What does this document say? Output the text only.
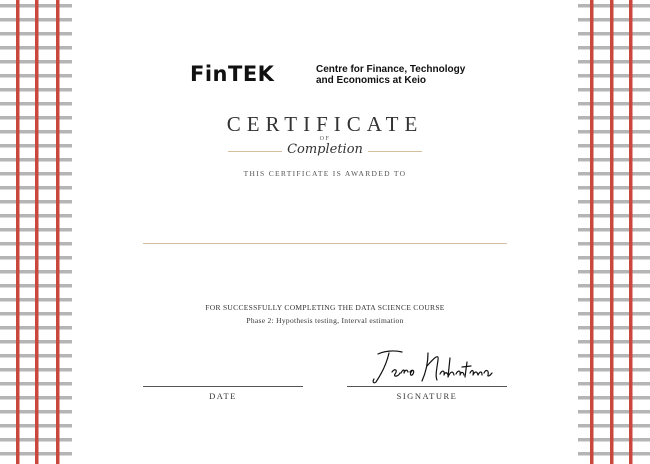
FinTEK	Centre for Finance, Technology
and Economics at Keio
CERTIFICATE
OF
Completion
THIS CERTIFICATE IS AWARDED TO
FOR SUCCESSFULLY COMPLETING THE DATA SCIENCE COURSE
Phase 2: Hypothesis testing, Interval estimation
DATE	SIGNATURE
